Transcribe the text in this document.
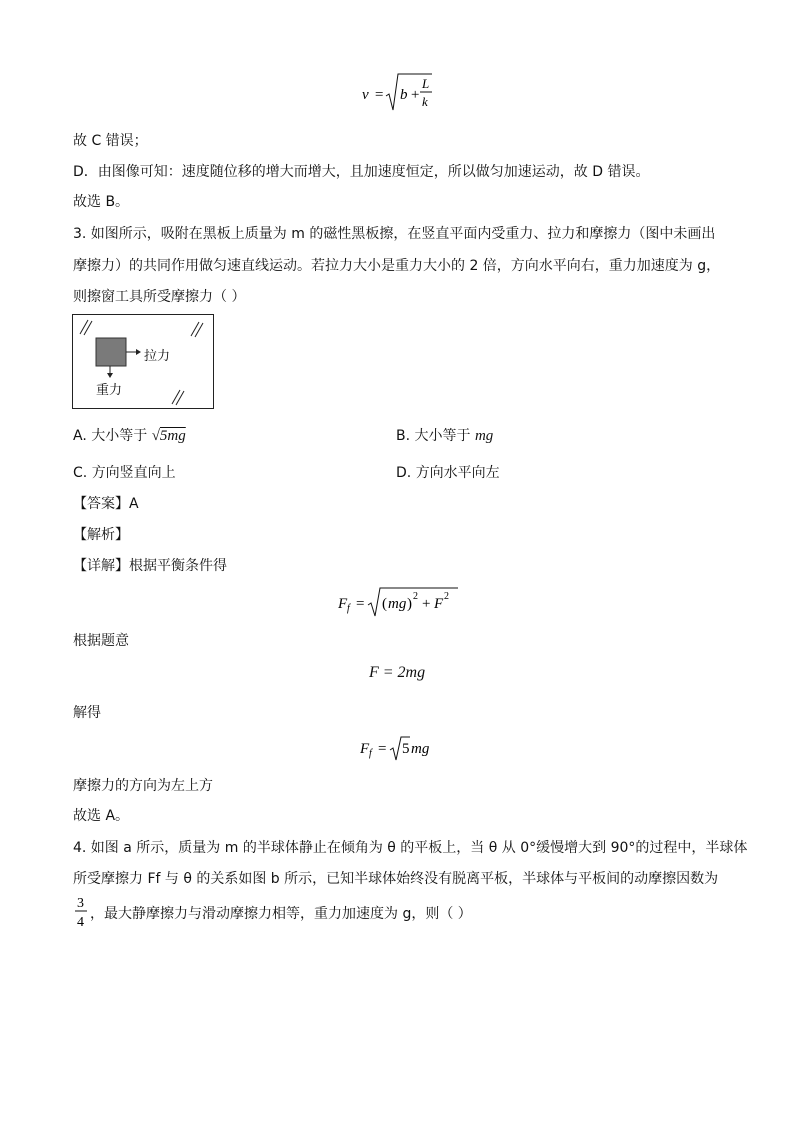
v = b +
L
k
故 C 错误；
D．由图像可知：速度随位移的增大而增大，且加速度恒定，所以做匀加速运动，故 D 错误。
故选 B。
3. 如图所示，吸附在黑板上质量为 m 的磁性黑板擦，在竖直平面内受重力、拉力和摩擦力（图中未画出
摩擦力）的共同作用做匀速直线运动。若拉力大小是重力大小的 2 倍，方向水平向右，重力加速度为 g，
则擦窗工具所受摩擦力（ ）
拉力
重力
A. 大小等于 √5mg	B. 大小等于 mg
C. 方向竖直向上	D. 方向水平向左
【答案】A
【解析】
【详解】根据平衡条件得
F f = ( mg ) 2 + F 2
根据题意
F = 2mg
解得
F f = 5 mg
摩擦力的方向为左上方
故选 A。
4. 如图 a 所示，质量为 m 的半球体静止在倾角为 θ 的平板上，当 θ 从 0°缓慢增大到 90°的过程中，半球体
所受摩擦力 Ff 与 θ 的关系如图 b 所示，已知半球体始终没有脱离平板，半球体与平板间的动摩擦因数为
3
4
，最大静摩擦力与滑动摩擦力相等，重力加速度为 g，则（ ）
